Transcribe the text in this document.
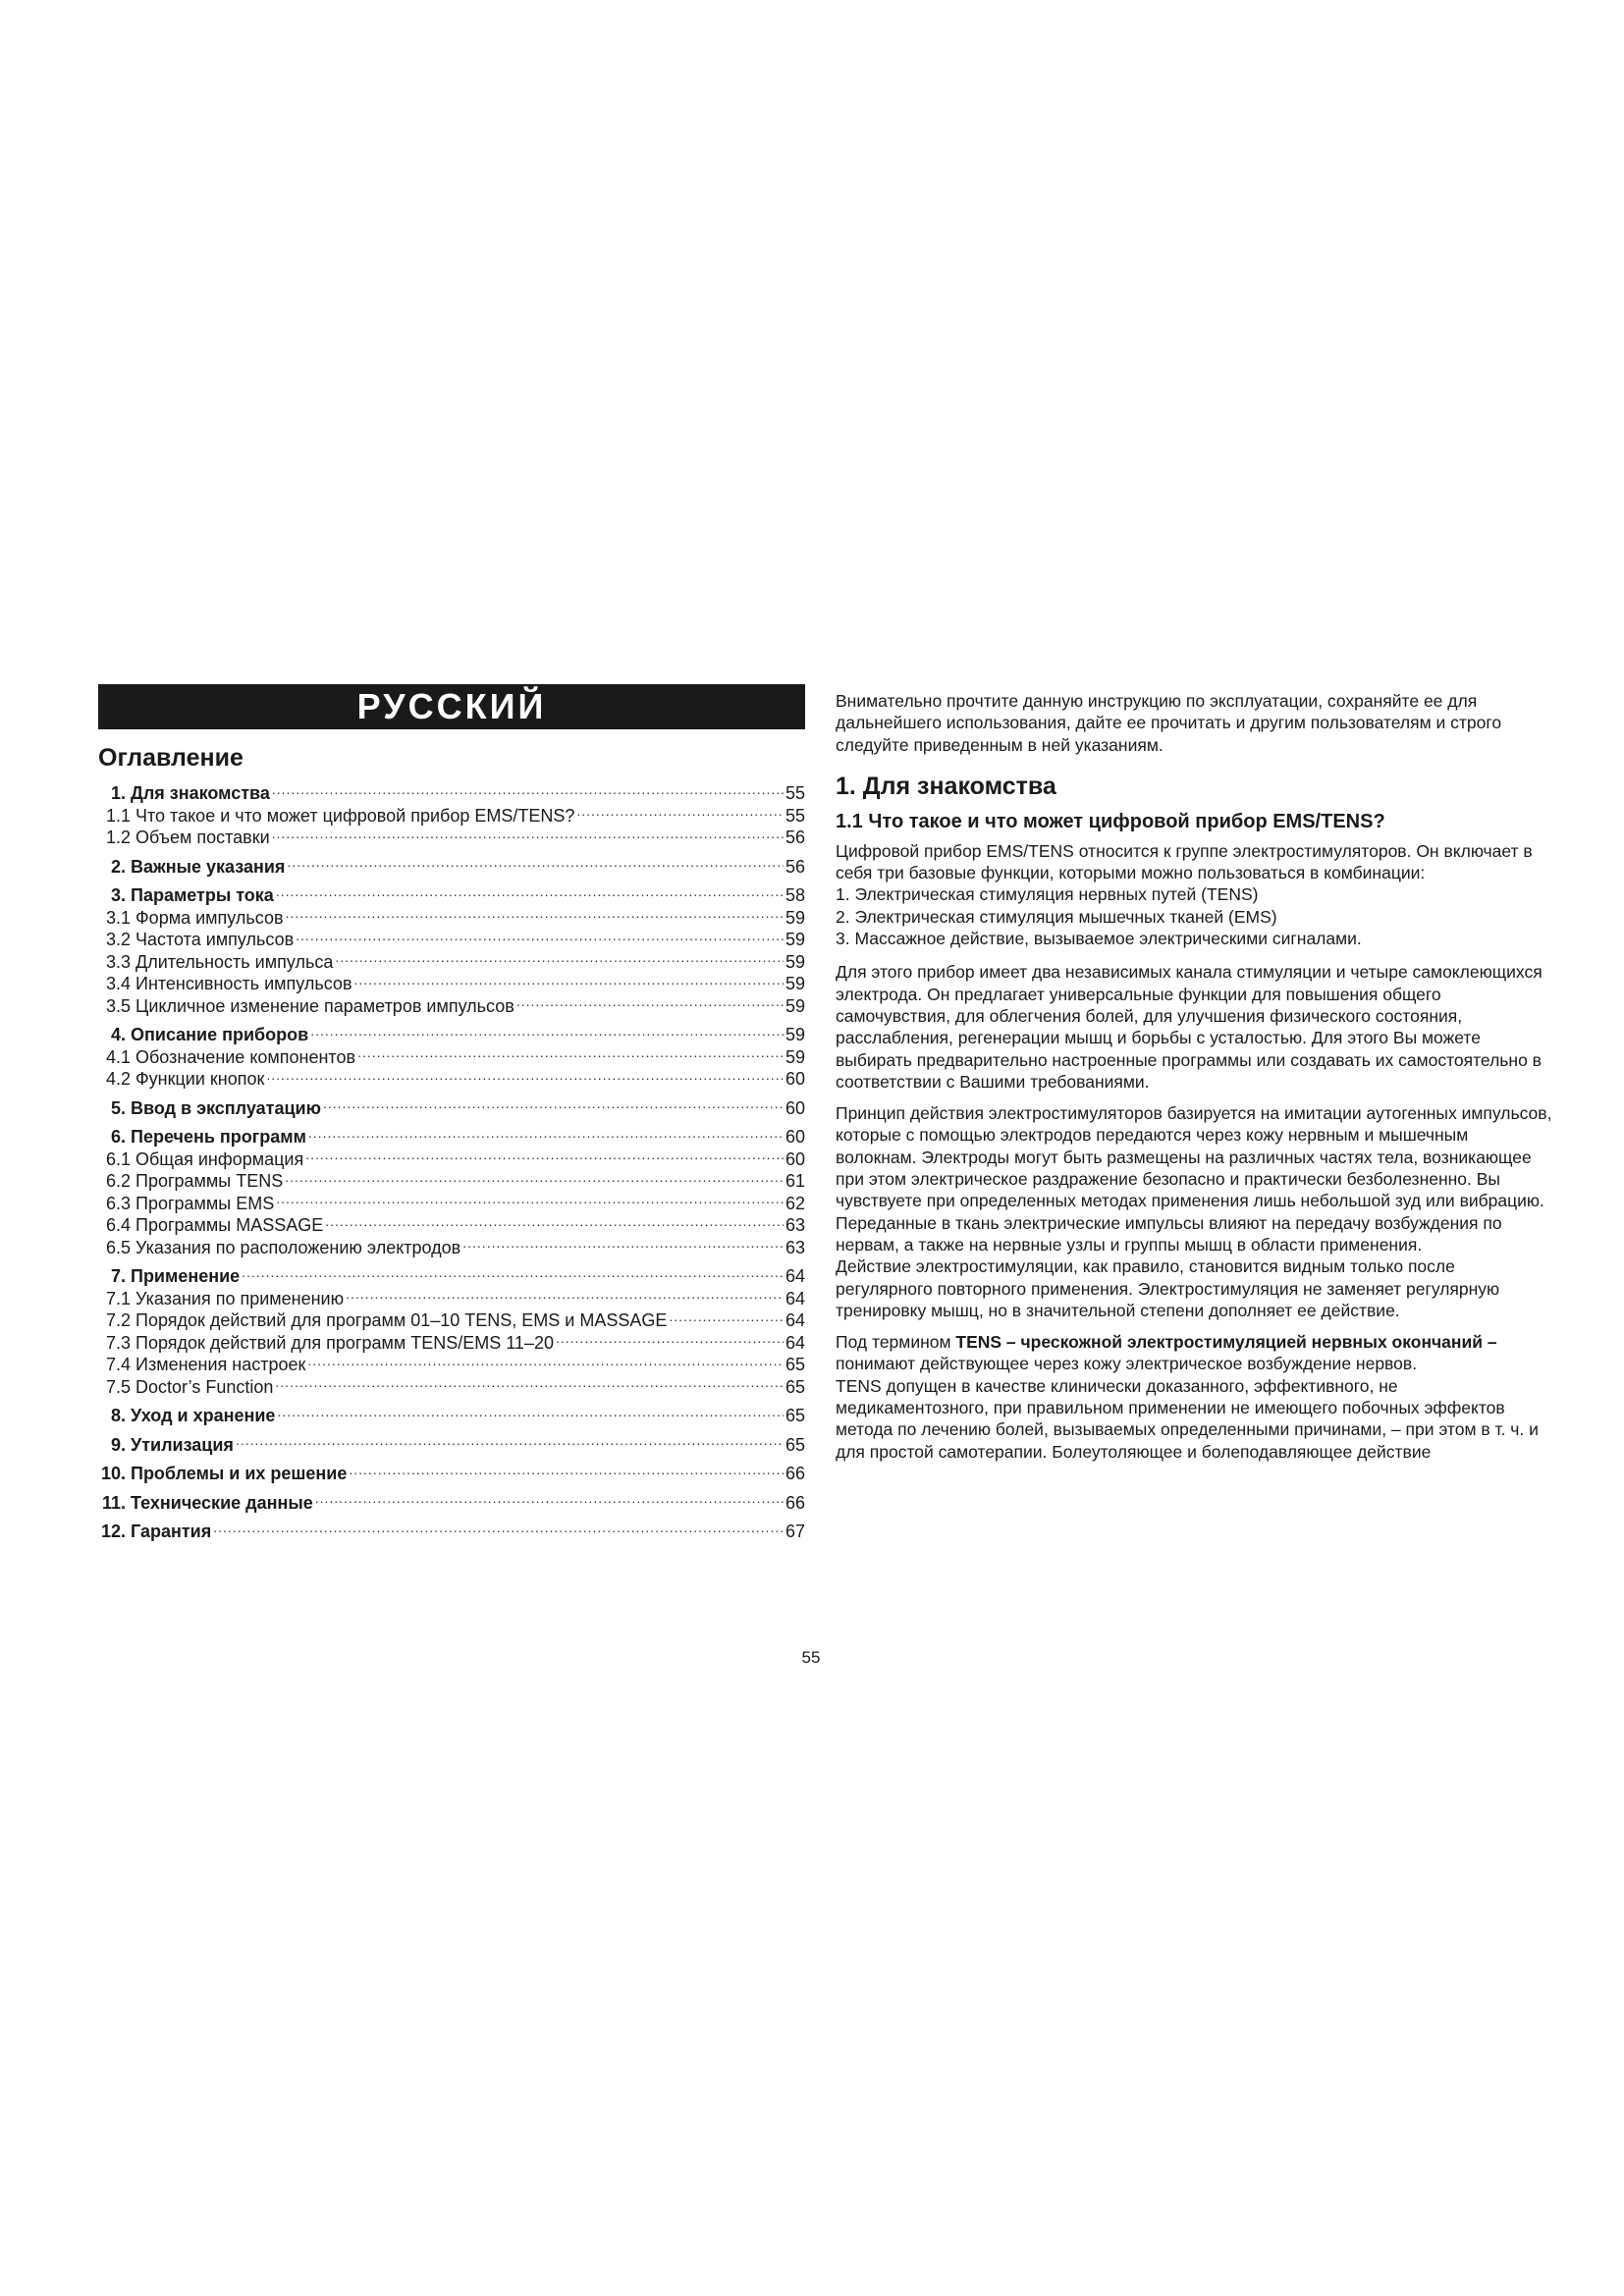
РУССКИЙ
Оглавление
1. Для знакомства .....	55
1.1 Что такое и что может цифровой прибор EMS/TENS? .....	55
1.2 Объем поставки .....	56
2. Важные указания .....	56
3. Параметры тока .....	58
3.1 Форма импульсов .....	59
3.2 Частота импульсов .....	59
3.3 Длительность импульса .....	59
3.4 Интенсивность импульсов .....	59
3.5 Цикличное изменение параметров импульсов .....	59
4. Описание приборов .....	59
4.1 Обозначение компонентов .....	59
4.2 Функции кнопок .....	60
5. Ввод в эксплуатацию .....	60
6. Перечень программ .....	60
6.1 Общая информация .....	60
6.2 Программы TENS .....	61
6.3 Программы EMS .....	62
6.4 Программы MASSAGE .....	63
6.5 Указания по расположению электродов .....	63
7. Применение .....	64
7.1 Указания по применению .....	64
7.2 Порядок действий для программ 01–10 TENS, EMS и MASSAGE .....	64
7.3 Порядок действий для программ TENS/EMS 11–20 .....	64
7.4 Изменения настроек .....	65
7.5 Doctor’s Function .....	65
8. Уход и хранение .....	65
9. Утилизация .....	65
10. Проблемы и их решение .....	66
11. Технические данные .....	66
12. Гарантия .....	67

Внимательно прочтите данную инструкцию по эксплуатации, сохраняйте ее для дальнейшего использования, дайте ее прочитать и другим пользователям и строго следуйте приведенным в ней указаниям.

1. Для знакомства
1.1 Что такое и что может цифровой прибор EMS/TENS?

Цифровой прибор EMS/TENS относится к группе электростимуляторов. Он включает в себя три базовые функции, которыми можно пользоваться в комбинации:

1. Электрическая стимуляция нервных путей (TENS)
2. Электрическая стимуляция мышечных тканей (EMS)
3. Массажное действие, вызываемое электрическими сигналами.

Для этого прибор имеет два независимых канала стимуляции и четыре самоклеющихся электрода. Он предлагает универсальные функции для повышения общего самочувствия, для облегчения болей, для улучшения физического состояния, расслабления, регенерации мышц и борьбы с усталостью. Для этого Вы можете выбирать предварительно настроенные программы или создавать их самостоятельно в соответствии с Вашими требованиями.

Принцип действия электростимуляторов базируется на имитации аутогенных импульсов, которые с помощью электродов передаются через кожу нервным и мышечным волокнам. Электроды могут быть размещены на различных частях тела, возникающее при этом электрическое раздражение безопасно и практически безболезненно. Вы чувствуете при определенных методах применения лишь небольшой зуд или вибрацию. Переданные в ткань электрические импульсы влияют на передачу возбуждения по нервам, а также на нервные узлы и группы мышц в области применения.

Действие электростимуляции, как правило, становится видным только после регулярного повторного применения. Электростимуляция не заменяет регулярную тренировку мышц, но в значительной степени дополняет ее действие.

Под термином TENS – чрескожной электростимуляцией нервных окончаний – понимают действующее через кожу электрическое возбуждение нервов.

TENS допущен в качестве клинически доказанного, эффективного, не медикаментозного, при правильном применении не имеющего побочных эффектов метода по лечению болей, вызываемых определенными причинами, – при этом в т. ч. и для простой самотерапии. Болеутоляющее и болеподавляющее действие

55
